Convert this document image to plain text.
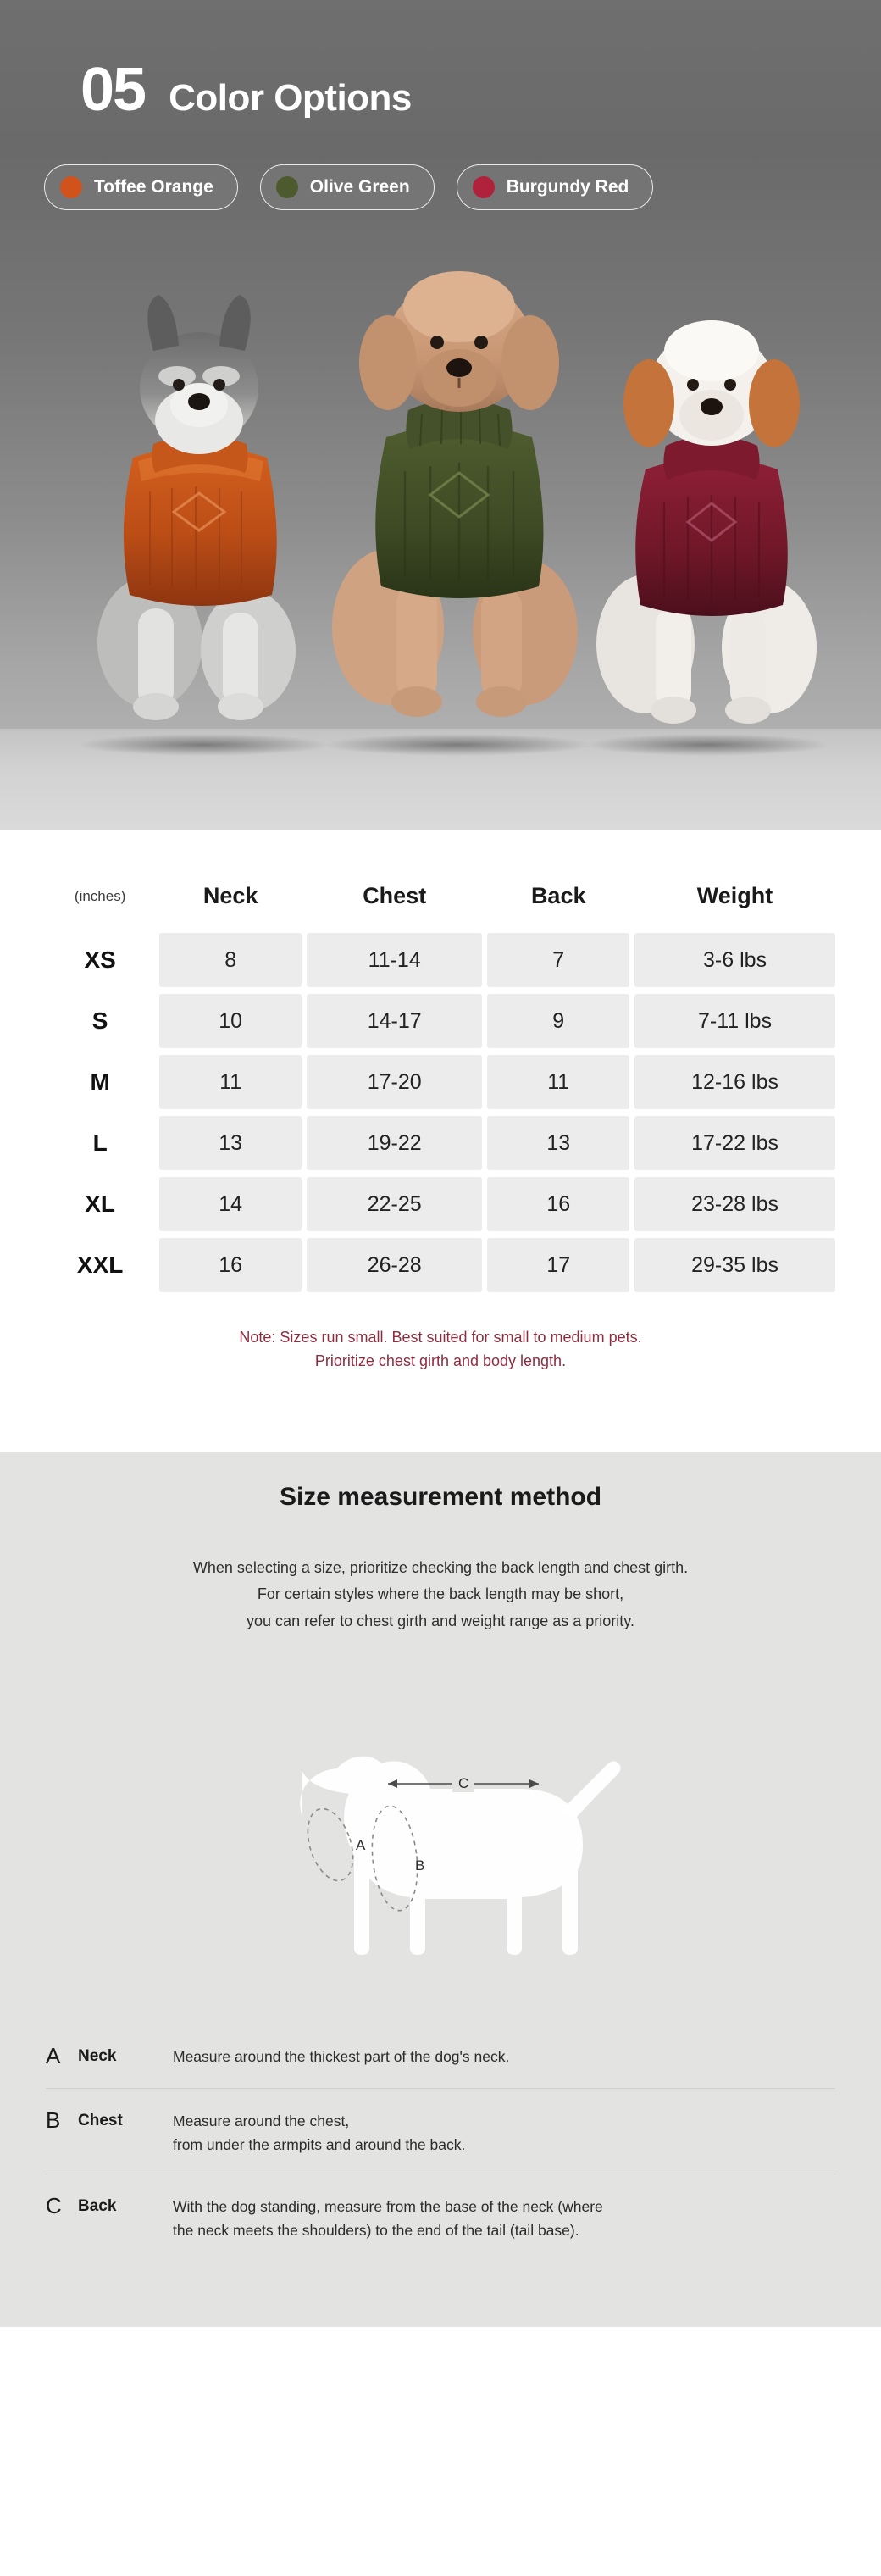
05 Color Options
Toffee Orange	Olive Green	Burgundy Red
(inches)	Neck	Chest	Back	Weight
XS	8	11-14	7	3-6 lbs
S	10	14-17	9	7-11 lbs
M	11	17-20	11	12-16 lbs
L	13	19-22	13	17-22 lbs
XL	14	22-25	16	23-28 lbs
XXL	16	26-28	17	29-35 lbs
Note: Sizes run small. Best suited for small to medium pets.
Prioritize chest girth and body length.
Size measurement method
When selecting a size, prioritize checking the back length and chest girth.
For certain styles where the back length may be short,
you can refer to chest girth and weight range as a priority.
A
B
C
A	Neck	Measure around the thickest part of the dog's neck.
B	Chest	Measure around the chest,
from under the armpits and around the back.
C	Back	With the dog standing, measure from the base of the neck (where
the neck meets the shoulders) to the end of the tail (tail base).
